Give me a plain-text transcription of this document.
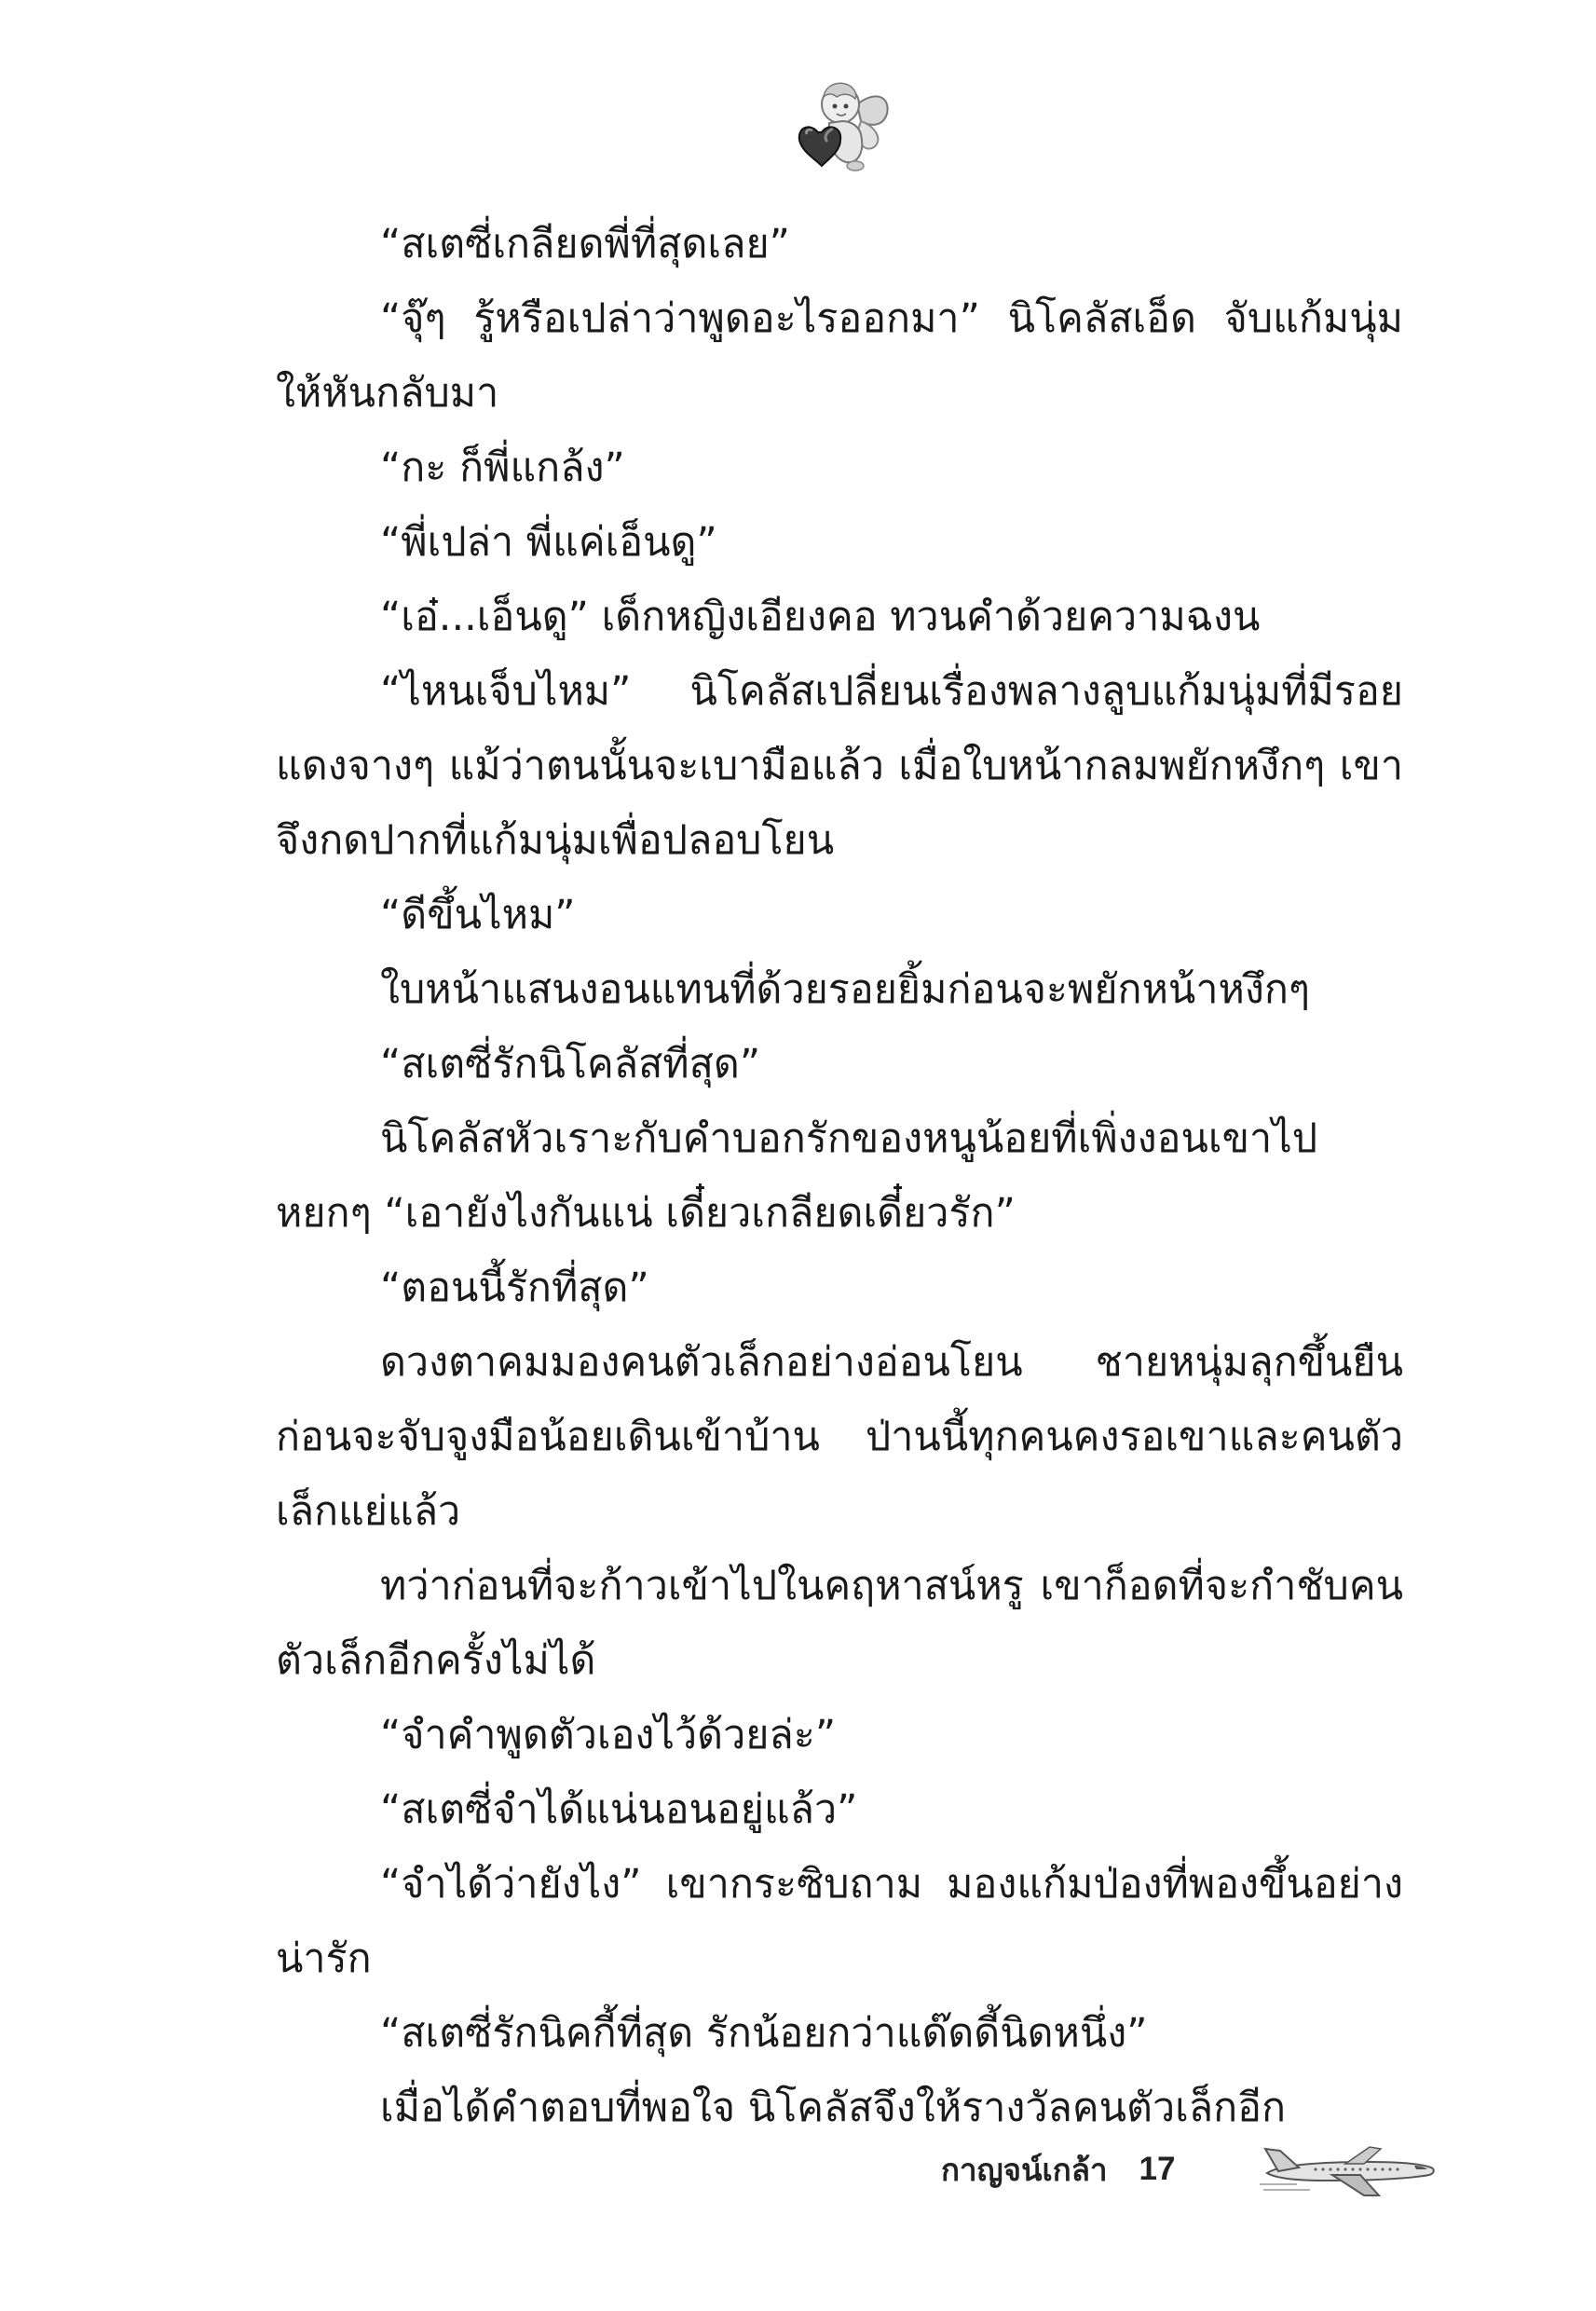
“สเตซี่เกลียดพี่ที่สุดเลย”

“จุ๊ๆ รู้หรือเปล่าว่าพูดอะไรออกมา” นิโคลัสเอ็ด จับแก้มนุ่มให้หันกลับมา

“กะ ก็พี่แกล้ง”

“พี่เปล่า พี่แค่เอ็นดู”

“เอ๋...เอ็นดู” เด็กหญิงเอียงคอ ทวนคำด้วยความฉงน

“ไหนเจ็บไหม” นิโคลัสเปลี่ยนเรื่องพลางลูบแก้มนุ่มที่มีรอยแดงจางๆ แม้ว่าตนนั้นจะเบามือแล้ว เมื่อใบหน้ากลมพยักหงึกๆ เขาจึงกดปากที่แก้มนุ่มเพื่อปลอบโยน

“ดีขึ้นไหม”

ใบหน้าแสนงอนแทนที่ด้วยรอยยิ้มก่อนจะพยักหน้าหงึกๆ

“สเตซี่รักนิโคลัสที่สุด”

นิโคลัสหัวเราะกับคำบอกรักของหนูน้อยที่เพิ่งงอนเขาไปหยกๆ “เอายังไงกันแน่ เดี๋ยวเกลียดเดี๋ยวรัก”

“ตอนนี้รักที่สุด”

ดวงตาคมมองคนตัวเล็กอย่างอ่อนโยน ชายหนุ่มลุกขึ้นยืนก่อนจะจับจูงมือน้อยเดินเข้าบ้าน ป่านนี้ทุกคนคงรอเขาและคนตัวเล็กแย่แล้ว

ทว่าก่อนที่จะก้าวเข้าไปในคฤหาสน์หรู เขาก็อดที่จะกำชับคนตัวเล็กอีกครั้งไม่ได้

“จำคำพูดตัวเองไว้ด้วยล่ะ”

“สเตซี่จำได้แน่นอนอยู่แล้ว”

“จำได้ว่ายังไง” เขากระซิบถาม มองแก้มป่องที่พองขึ้นอย่างน่ารัก

“สเตซี่รักนิคกี้ที่สุด รักน้อยกว่าแด๊ดดี้นิดหนึ่ง”

เมื่อได้คำตอบที่พอใจ นิโคลัสจึงให้รางวัลคนตัวเล็กอีก

กาญจน์เกล้า 17
